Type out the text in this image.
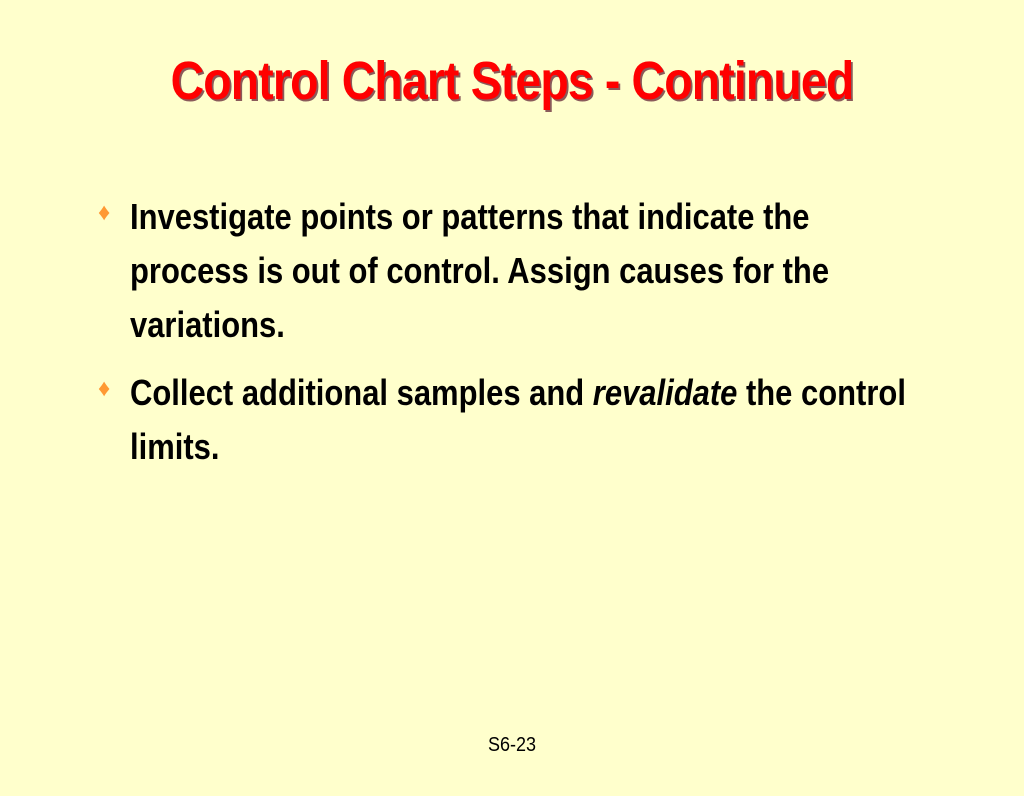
Control Chart Steps - Continued
♦ Investigate points or patterns that indicate the process is out of control. Assign causes for the variations.
♦ Collect additional samples and revalidate the control limits.
S6-23
